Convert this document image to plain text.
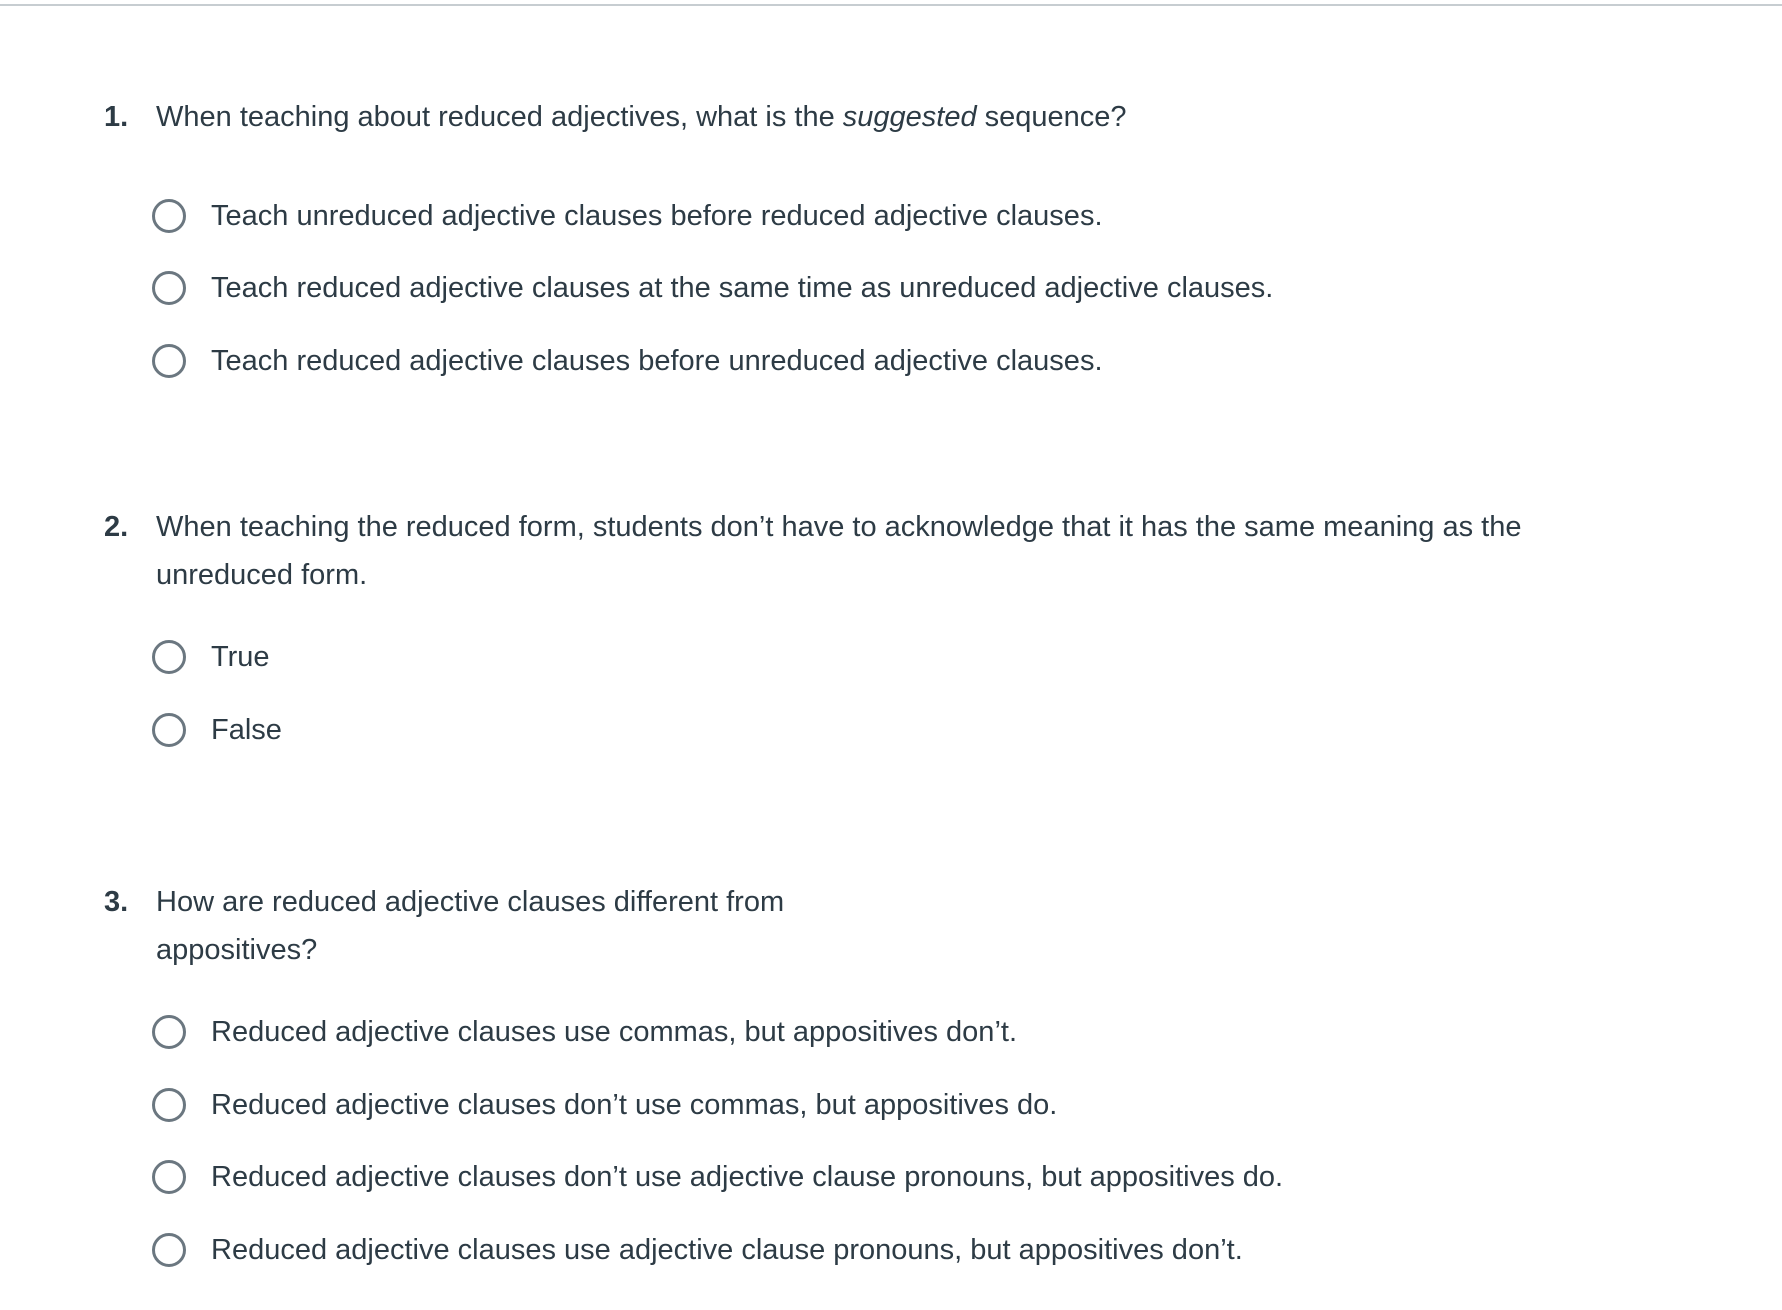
1. When teaching about reduced adjectives, what is the suggested sequence?
Teach unreduced adjective clauses before reduced adjective clauses.
Teach reduced adjective clauses at the same time as unreduced adjective clauses.
Teach reduced adjective clauses before unreduced adjective clauses.
2. When teaching the reduced form, students don’t have to acknowledge that it has the same meaning as the unreduced form.
True
False
3. How are reduced adjective clauses different from appositives?
Reduced adjective clauses use commas, but appositives don’t.
Reduced adjective clauses don’t use commas, but appositives do.
Reduced adjective clauses don’t use adjective clause pronouns, but appositives do.
Reduced adjective clauses use adjective clause pronouns, but appositives don’t.
